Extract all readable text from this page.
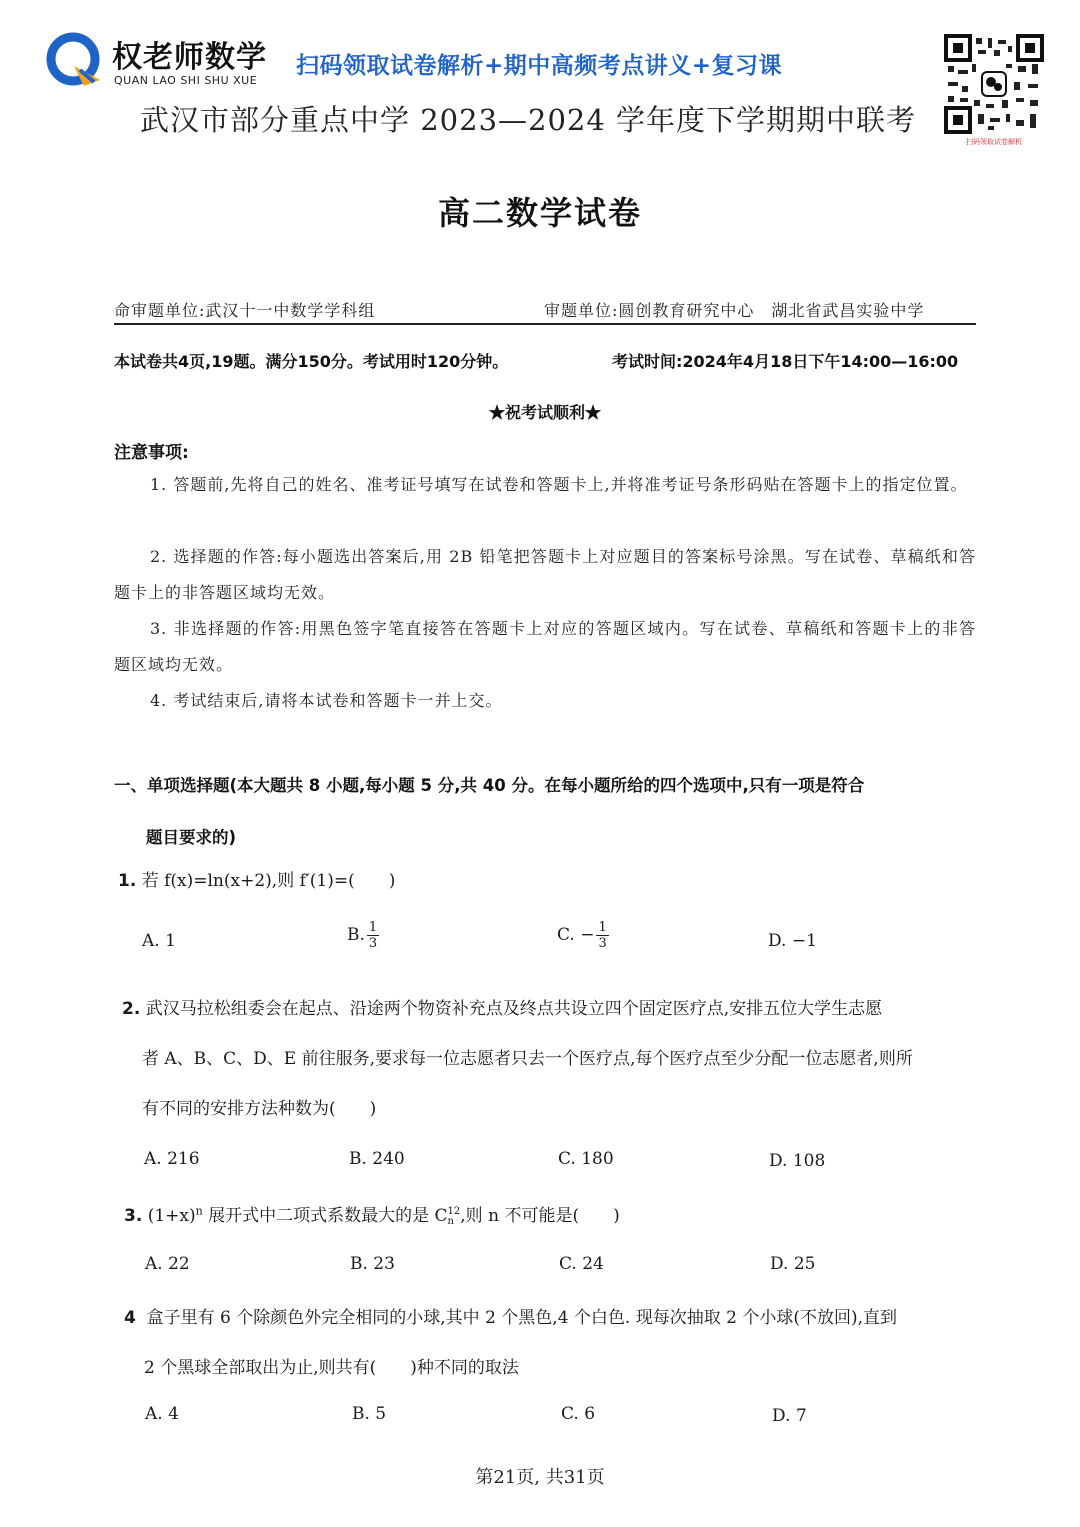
权老师数学
QUAN LAO SHI SHU XUE
扫码领取试卷解析+期中高频考点讲义+复习课
扫码领取试卷解析
武汉市部分重点中学 2023—2024 学年度下学期期中联考
高二数学试卷
命审题单位:武汉十一中数学学科组	审题单位:圆创教育研究中心　湖北省武昌实验中学
本试卷共4页,19题。满分150分。考试用时120分钟。	考试时间:2024年4月18日下午14:00—16:00
★祝考试顺利★
注意事项:
1. 答题前,先将自己的姓名、准考证号填写在试卷和答题卡上,并将准考证号条形码贴在答题卡上的指定位置。
2. 选择题的作答:每小题选出答案后,用 2B 铅笔把答题卡上对应题目的答案标号涂黑。写在试卷、草稿纸和答题卡上的非答题区域均无效。
3. 非选择题的作答:用黑色签字笔直接答在答题卡上对应的答题区域内。写在试卷、草稿纸和答题卡上的非答题区域均无效。
4. 考试结束后,请将本试卷和答题卡一并上交。
一、单项选择题(本大题共 8 小题,每小题 5 分,共 40 分。在每小题所给的四个选项中,只有一项是符合
题目要求的)
1. 若 f(x)=ln(x+2),则 f′(1)=(　　)
A. 1	B. $\frac{1}{3}$	C. − $\frac{1}{3}$	D. −1
2. 武汉马拉松组委会在起点、沿途两个物资补充点及终点共设立四个固定医疗点,安排五位大学生志愿
者 A、B、C、D、E 前往服务,要求每一位志愿者只去一个医疗点,每个医疗点至少分配一位志愿者,则所
有不同的安排方法种数为(　　)
A. 216	B. 240	C. 180	D. 108
3. $(1+x)^n$ 展开式中二项式系数最大的是 C 12
n ,则 n 不可能是(　　)
A. 22	B. 23	C. 24	D. 25
4 盒子里有 6 个除颜色外完全相同的小球,其中 2 个黑色,4 个白色. 现每次抽取 2 个小球(不放回),直到
2 个黑球全部取出为止,则共有(　　)种不同的取法
A. 4	B. 5	C. 6	D. 7
第21页, 共31页
